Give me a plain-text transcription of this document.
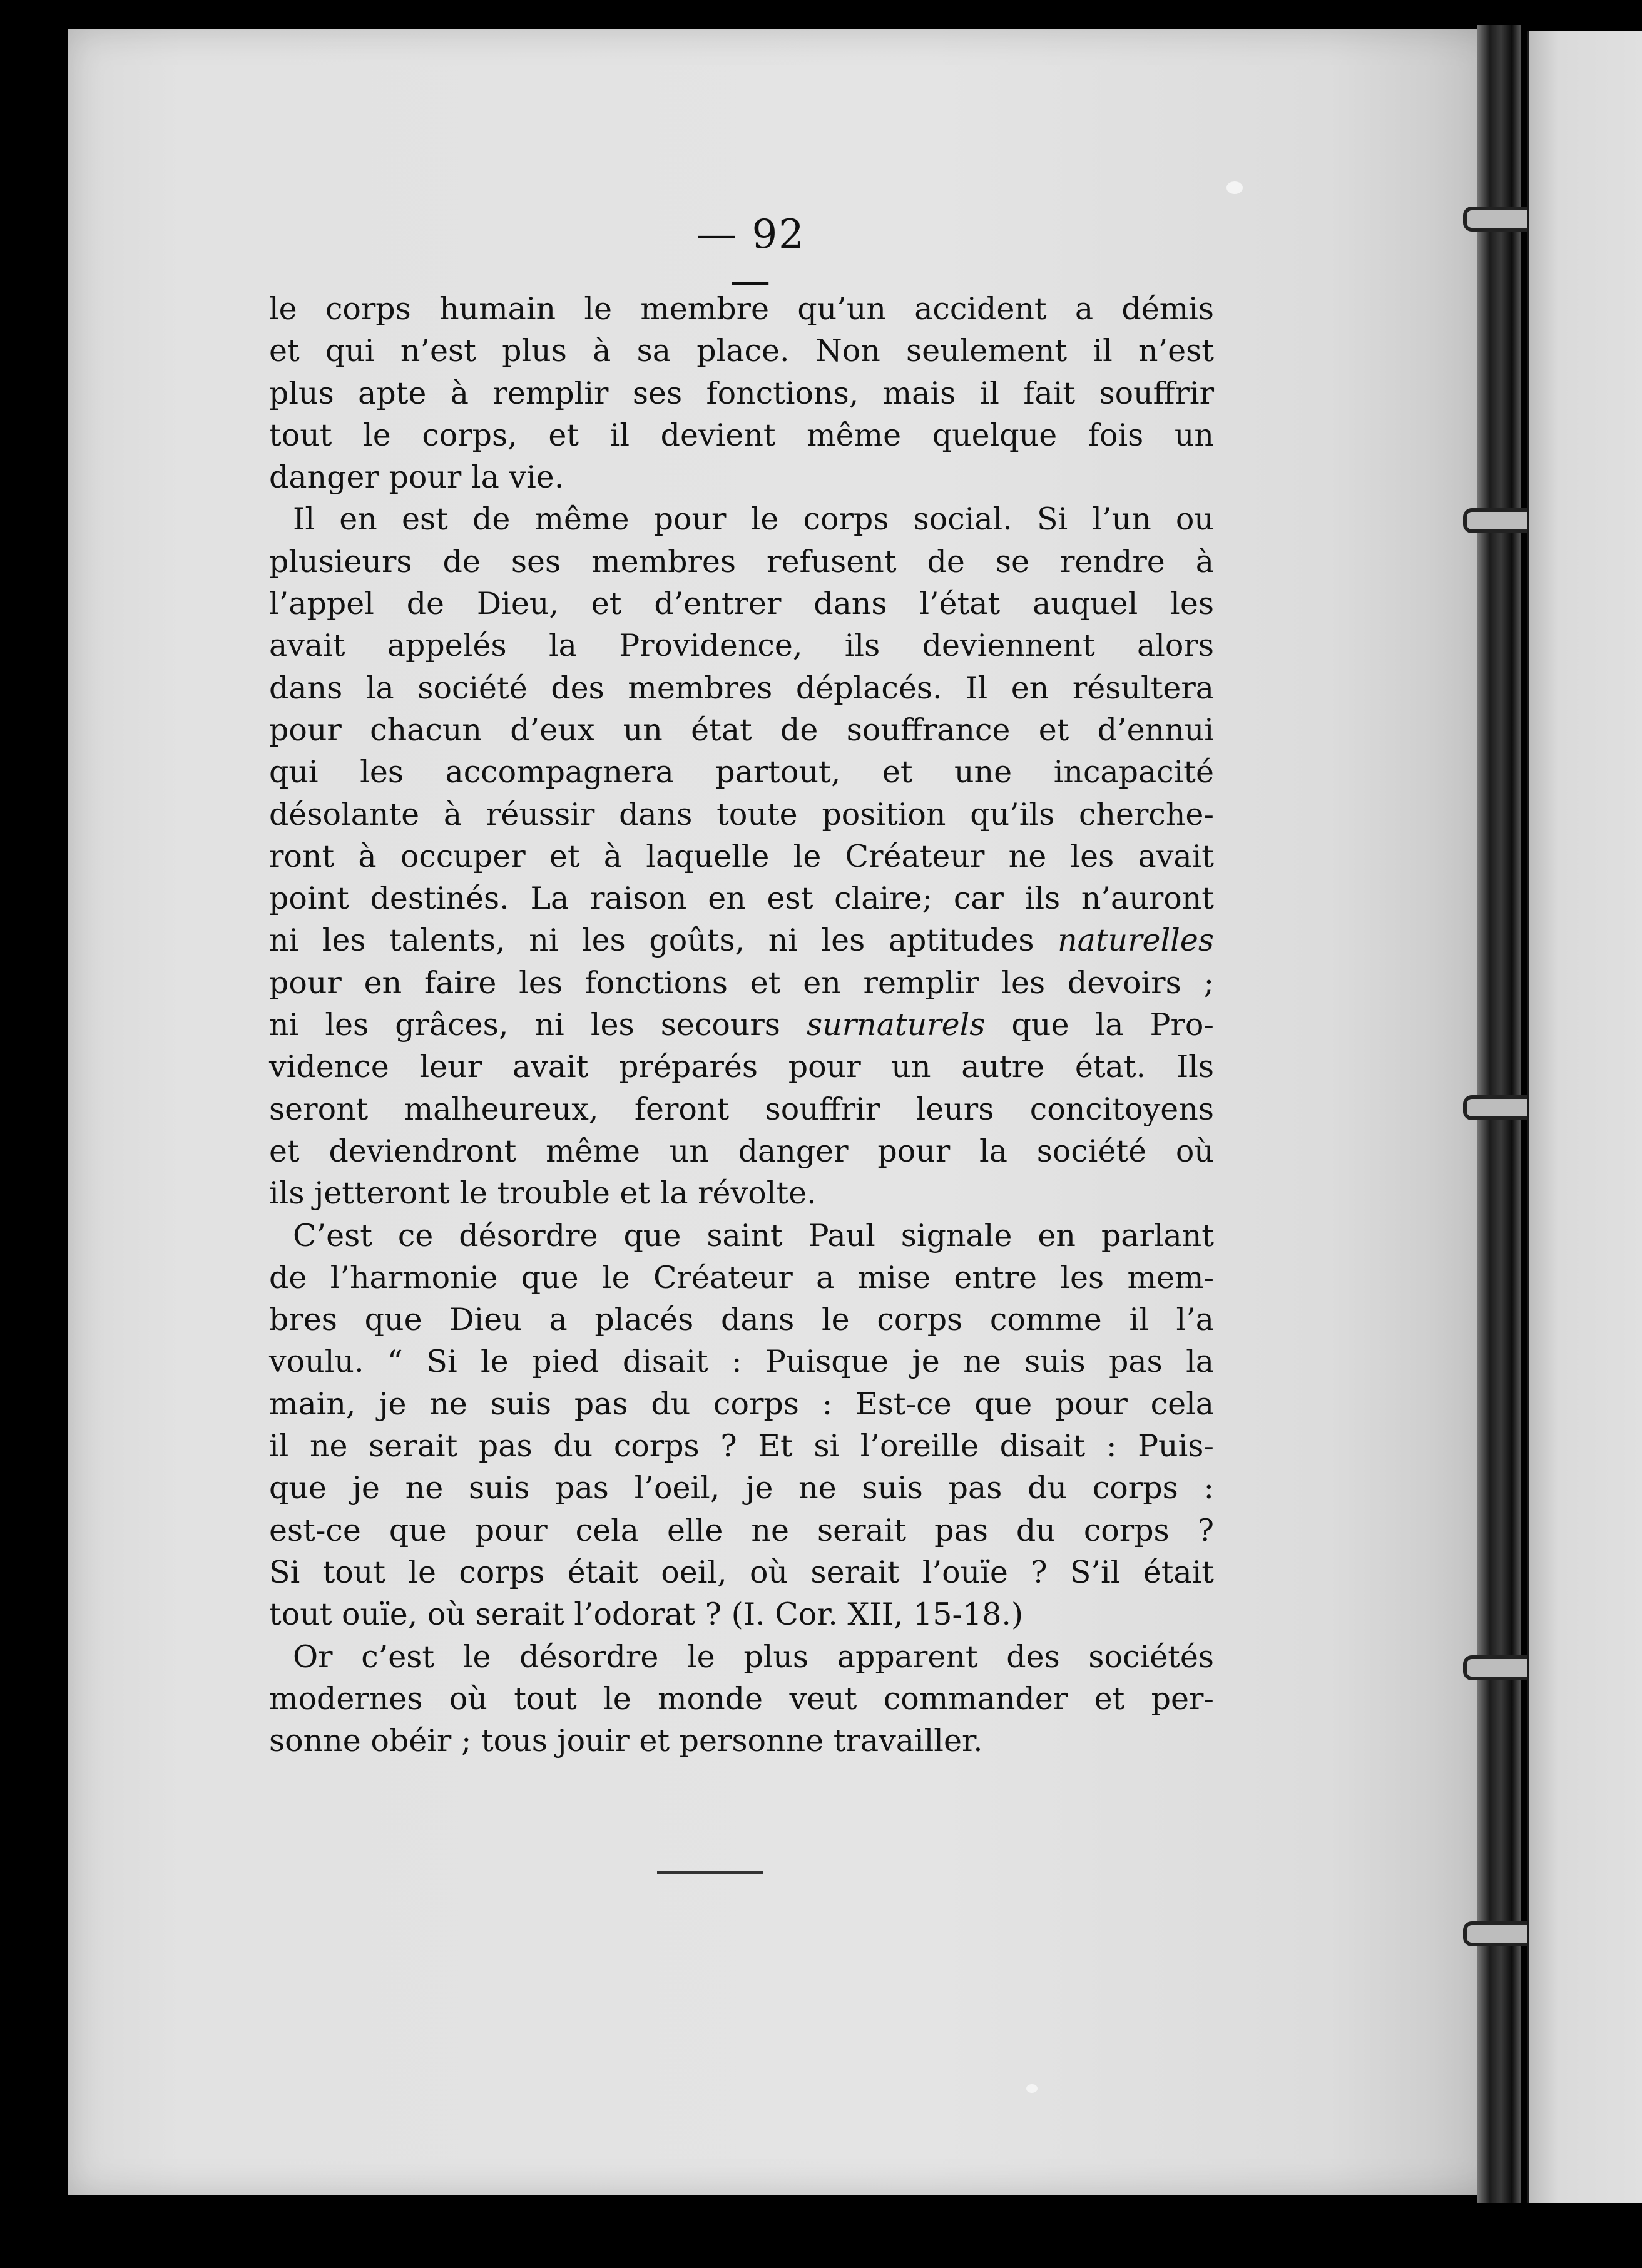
— 92 —
le corps humain le membre qu’un accident a démis
et qui n’est plus à sa place. Non seulement il n’est
plus apte à remplir ses fonctions, mais il fait souffrir
tout le corps, et il devient même quelque fois un
danger pour la vie.
Il en est de même pour le corps social. Si l’un ou
plusieurs de ses membres refusent de se rendre à
l’appel de Dieu, et d’entrer dans l’état auquel les
avait appelés la Providence, ils deviennent alors
dans la société des membres déplacés. Il en résultera
pour chacun d’eux un état de souffrance et d’ennui
qui les accompagnera partout, et une incapacité
désolante à réussir dans toute position qu’ils cherche-
ront à occuper et à laquelle le Créateur ne les avait
point destinés. La raison en est claire; car ils n’auront
ni les talents, ni les goûts, ni les aptitudes naturelles
pour en faire les fonctions et en remplir les devoirs ;
ni les grâces, ni les secours surnaturels que la Pro-
vidence leur avait préparés pour un autre état. Ils
seront malheureux, feront souffrir leurs concitoyens
et deviendront même un danger pour la société où
ils jetteront le trouble et la révolte.
C’est ce désordre que saint Paul signale en parlant
de l’harmonie que le Créateur a mise entre les mem-
bres que Dieu a placés dans le corps comme il l’a
voulu. “ Si le pied disait : Puisque je ne suis pas la
main, je ne suis pas du corps : Est-ce que pour cela
il ne serait pas du corps ? Et si l’oreille disait : Puis-
que je ne suis pas l’oeil, je ne suis pas du corps :
est-ce que pour cela elle ne serait pas du corps ?
Si tout le corps était oeil, où serait l’ouïe ? S’il était
tout ouïe, où serait l’odorat ? (I. Cor. XII, 15-18.)
Or c’est le désordre le plus apparent des sociétés
modernes où tout le monde veut commander et per-
sonne obéir ; tous jouir et personne travailler.
